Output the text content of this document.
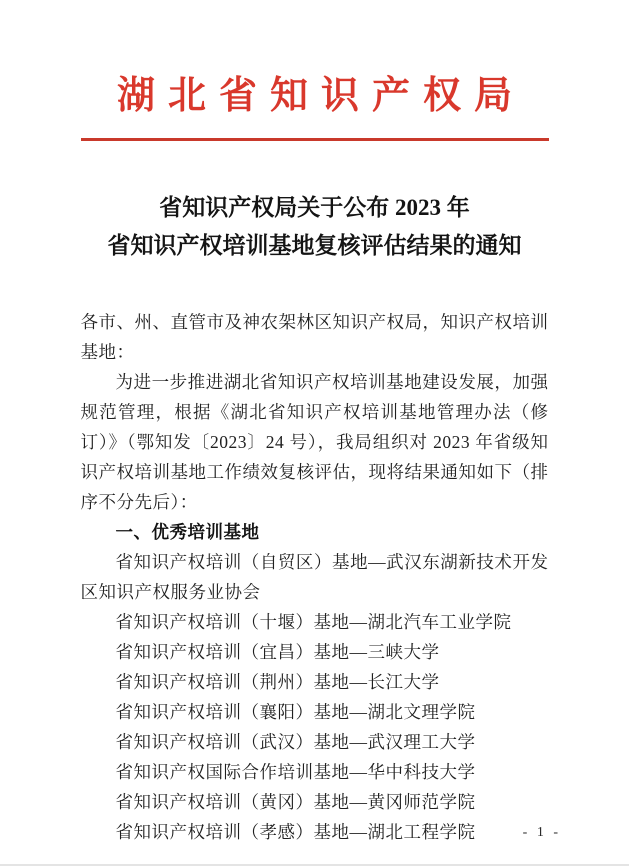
湖北省知识产权局
省知识产权局关于公布 2023 年
省知识产权培训基地复核评估结果的通知

各市、州、直管市及神农架林区知识产权局，知识产权培训基地：

为进一步推进湖北省知识产权培训基地建设发展，加强规范管理，根据《湖北省知识产权培训基地管理办法（修订）》（鄂知发〔2023〕24 号），我局组织对 2023 年省级知识产权培训基地工作绩效复核评估，现将结果通知如下（排序不分先后）：

一、优秀培训基地

省知识产权培训（自贸区）基地—武汉东湖新技术开发区知识产权服务业协会

省知识产权培训（十堰）基地—湖北汽车工业学院

省知识产权培训（宜昌）基地—三峡大学

省知识产权培训（荆州）基地—长江大学

省知识产权培训（襄阳）基地—湖北文理学院

省知识产权培训（武汉）基地—武汉理工大学

省知识产权国际合作培训基地—华中科技大学

省知识产权培训（黄冈）基地—黄冈师范学院

省知识产权培训（孝感）基地—湖北工程学院	- 1 -
